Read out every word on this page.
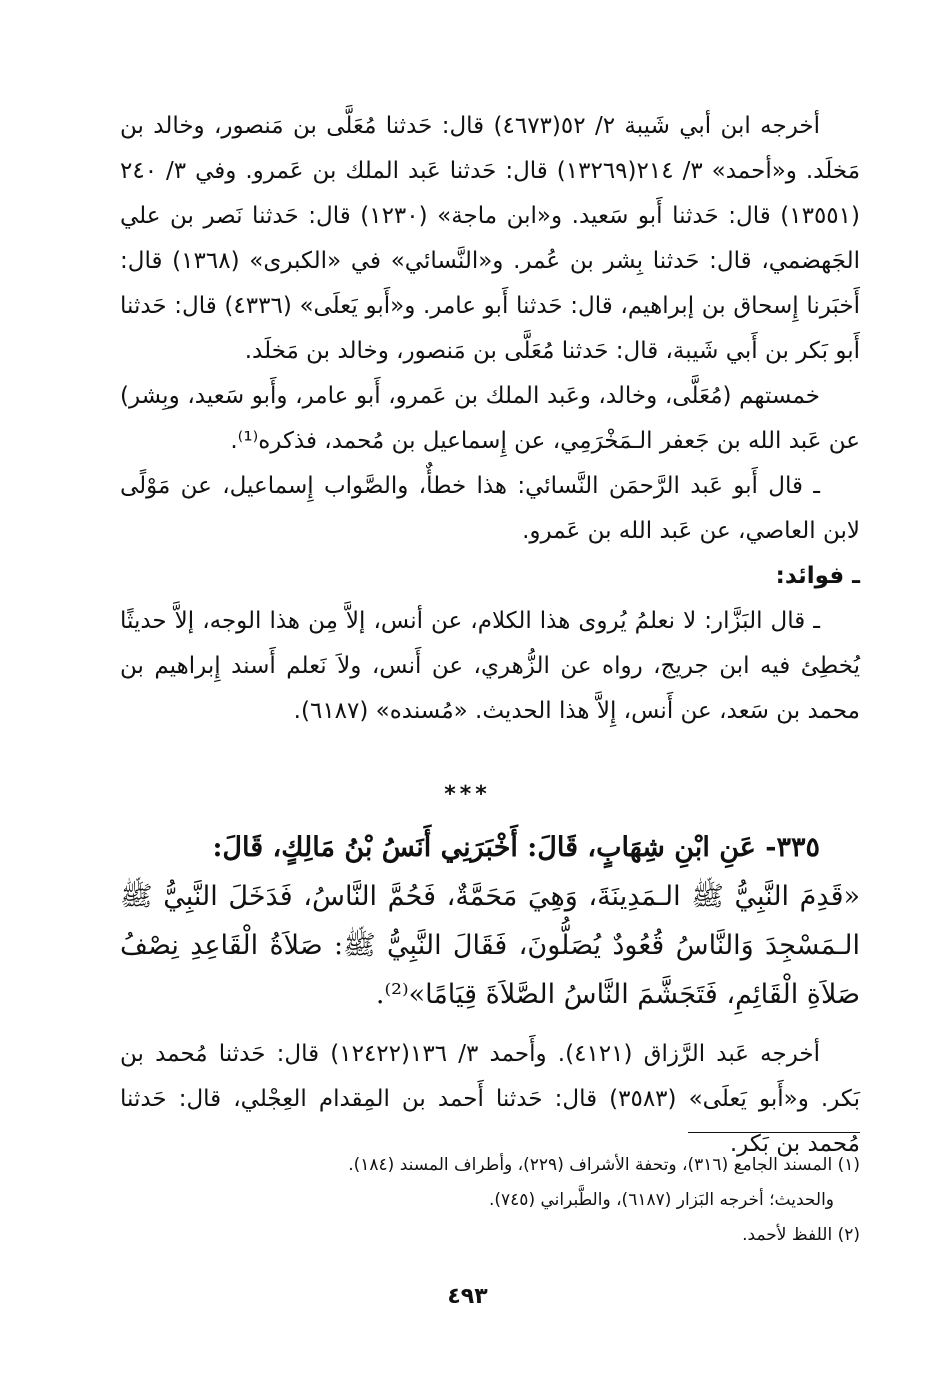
أخرجه ابن أبي شَيبة ٢/ ٥٢(٤٦٧٣) قال: حَدثنا مُعَلَّى بن مَنصور، وخالد بن مَخلَد. و«أحمد» ٣/ ٢١٤(١٣٢٦٩) قال: حَدثنا عَبد الملك بن عَمرو. وفي ٣/ ٢٤٠ (١٣٥٥١) قال: حَدثنا أَبو سَعيد. و«ابن ماجة» (١٢٣٠) قال: حَدثنا نَصر بن علي الجَهضمي، قال: حَدثنا بِشر بن عُمر. و«النَّسائي» في «الكبرى» (١٣٦٨) قال: أَخبَرنا إِسحاق بن إبراهيم، قال: حَدثنا أَبو عامر. و«أَبو يَعلَى» (٤٣٣٦) قال: حَدثنا أَبو بَكر بن أَبي شَيبة، قال: حَدثنا مُعَلَّى بن مَنصور، وخالد بن مَخلَد.

خمستهم (مُعَلَّى، وخالد، وعَبد الملك بن عَمرو، أَبو عامر، وأَبو سَعيد، وبِشر) عن عَبد الله بن جَعفر الـمَخْرَمِي، عن إِسماعيل بن مُحمد، فذكره⁽¹⁾.

ـ قال أَبو عَبد الرَّحمَن النَّسائي: هذا خطأٌ، والصَّواب إِسماعيل، عن مَوْلًى لابن العاصي، عن عَبد الله بن عَمرو.

ـ فوائد:

ـ قال البَزَّار: لا نعلمُ يُروى هذا الكلام، عن أنس، إلاَّ مِن هذا الوجه، إلاَّ حديثًا يُخطِئ فيه ابن جريج، رواه عن الزُّهري، عن أَنس، ولاَ نَعلم أَسند إِبراهيم بن محمد بن سَعد، عن أَنس، إِلاَّ هذا الحديث. «مُسنده» (٦١٨٧).

***
٣٣٥- عَنِ ابْنِ شِهَابٍ، قَالَ: أَخْبَرَنِي أَنَسُ بْنُ مَالِكٍ، قَالَ:
«قَدِمَ النَّبِيُّ ﷺ الـمَدِينَةَ، وَهِيَ مَحَمَّةٌ، فَحُمَّ النَّاسُ، فَدَخَلَ النَّبِيُّ ﷺ الـمَسْجِدَ وَالنَّاسُ قُعُودٌ يُصَلُّونَ، فَقَالَ النَّبِيُّ ﷺ: صَلاَةُ الْقَاعِدِ نِصْفُ صَلاَةِ الْقَائِمِ، فَتَجَشَّمَ النَّاسُ الصَّلاَةَ قِيَامًا»⁽²⁾.

أخرجه عَبد الرَّزاق (٤١٢١). وأَحمد ٣/ ١٣٦(١٢٤٢٢) قال: حَدثنا مُحمد بن بَكر. و«أَبو يَعلَى» (٣٥٨٣) قال: حَدثنا أَحمد بن المِقدام العِجْلي، قال: حَدثنا مُحمد بن بَكر.

(١) المسند الجامع (٣١٦)، وتحفة الأشراف (٢٢٩)، وأطراف المسند (١٨٤).

والحديث؛ أخرجه البَزار (٦١٨٧)، والطَّبراني (٧٤٥).

(٢) اللفظ لأحمد.

٤٩٣
